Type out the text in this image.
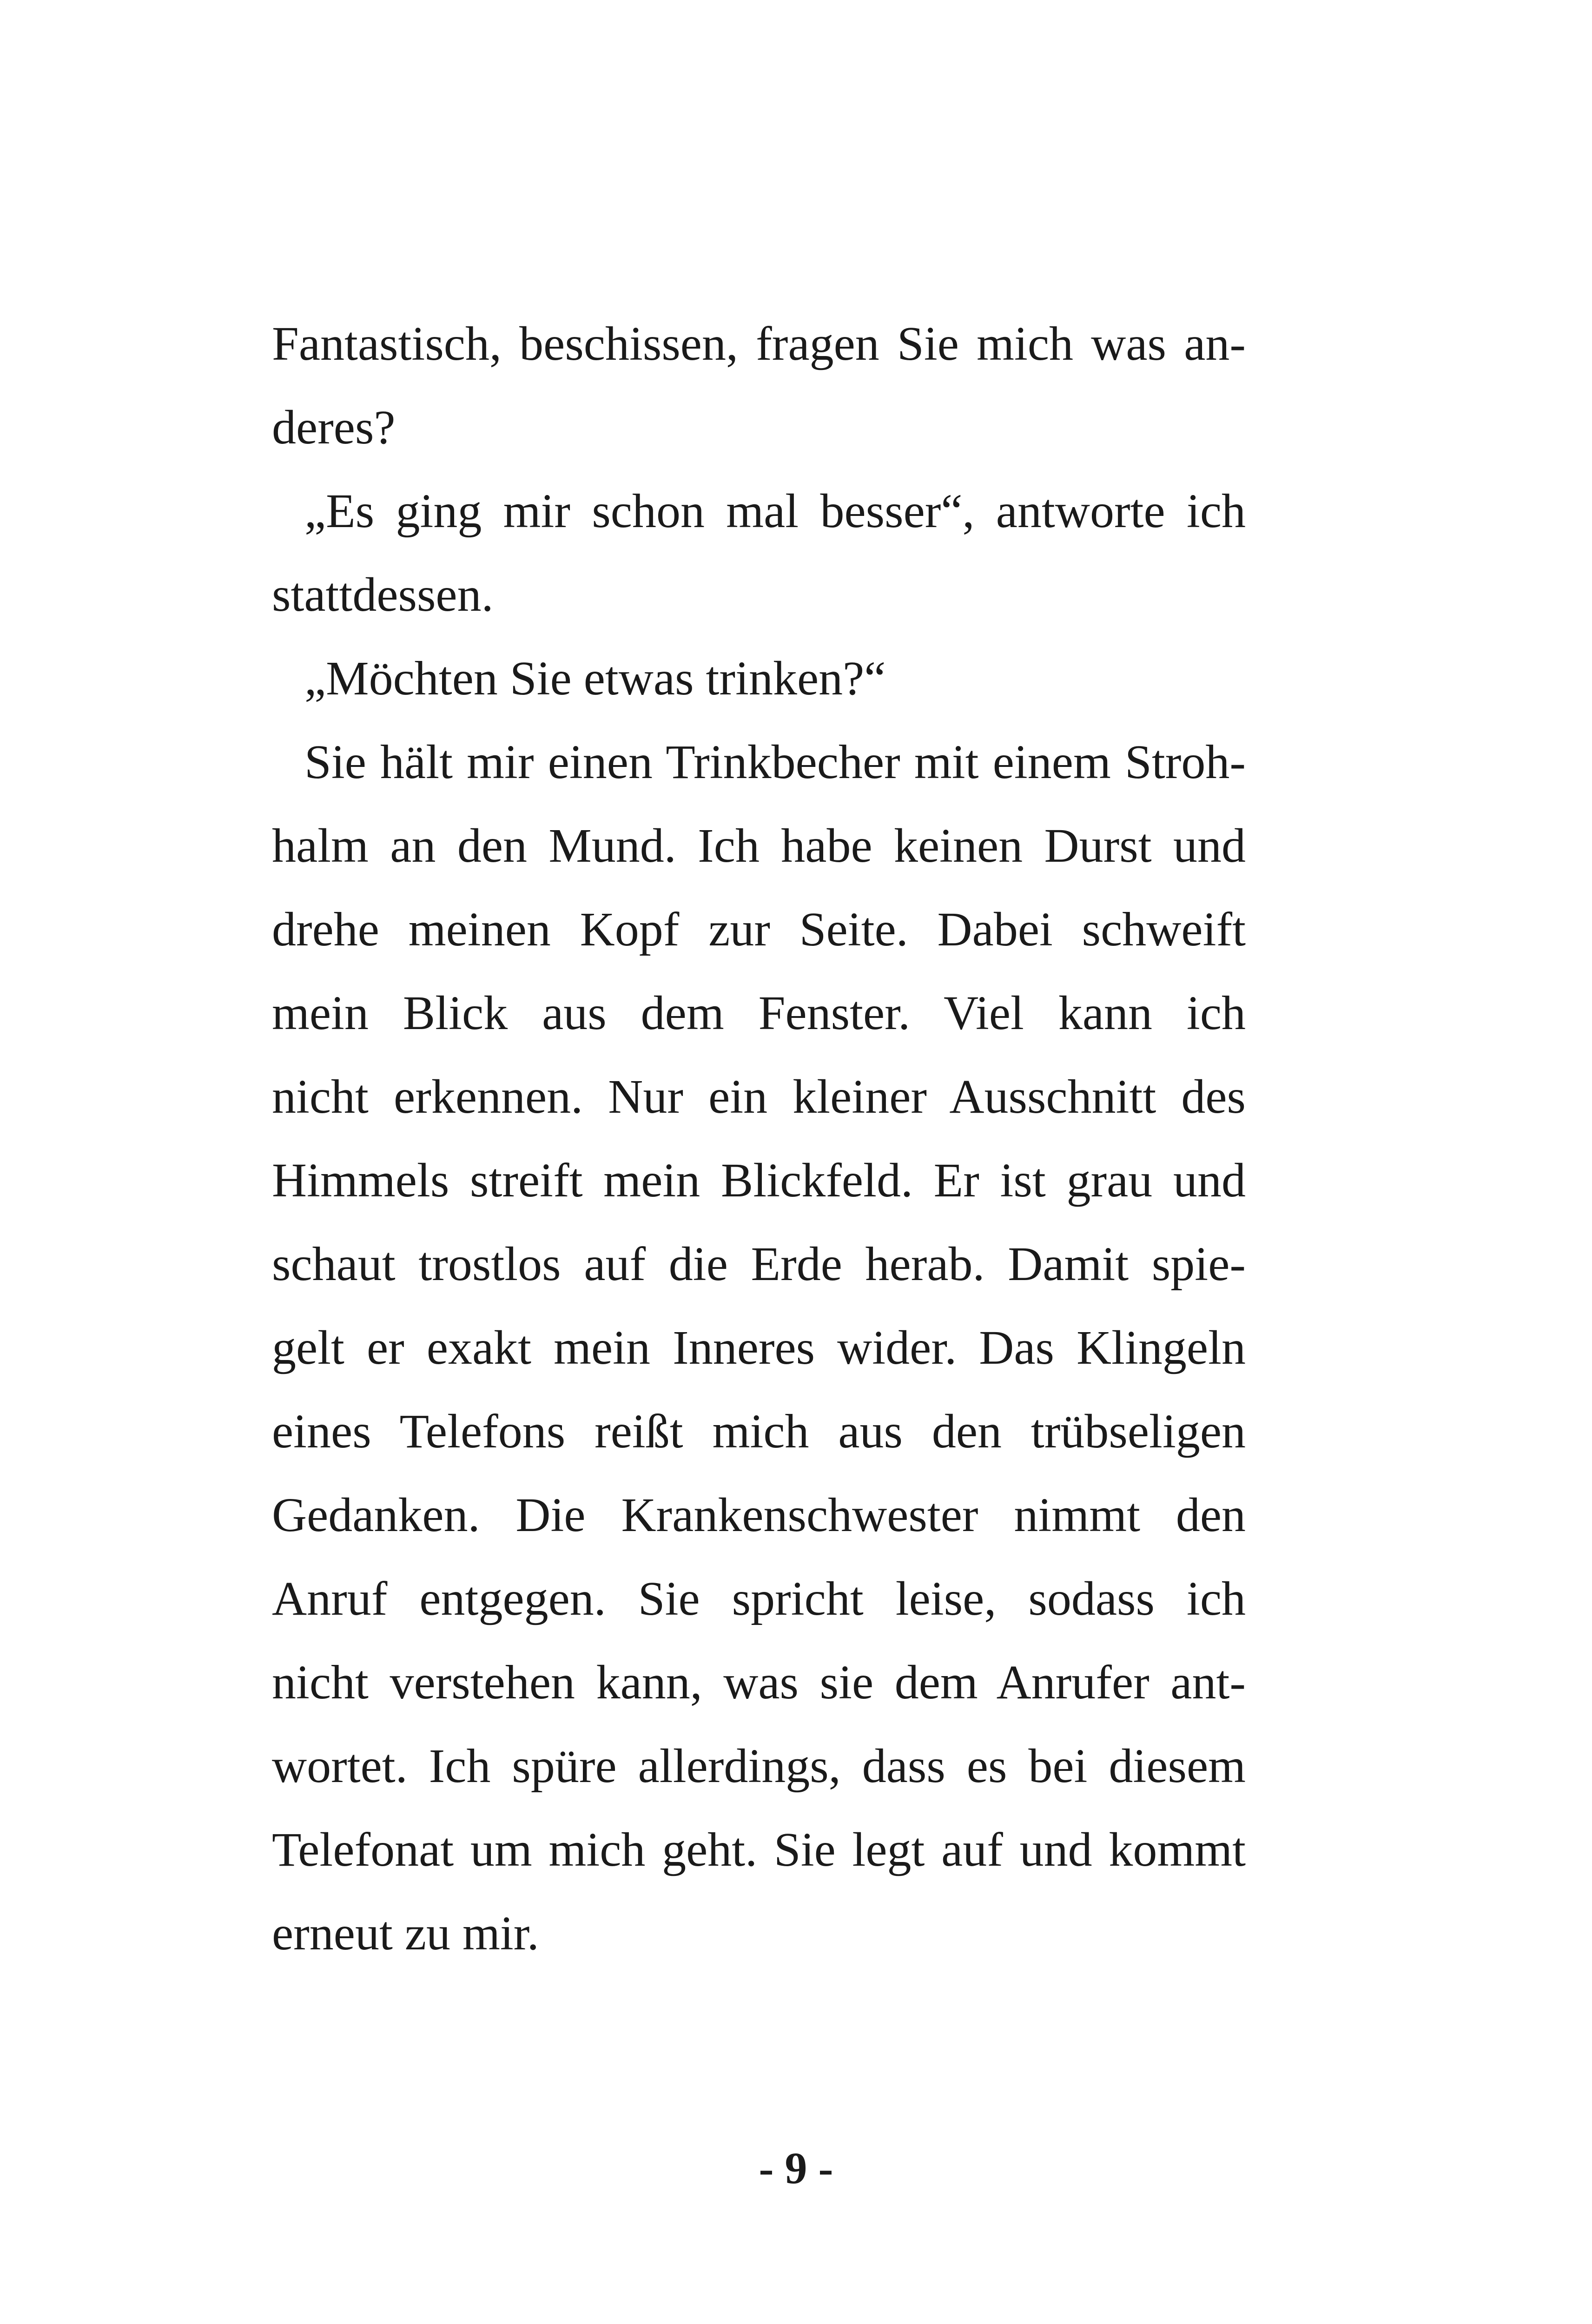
Fantastisch, beschissen, fragen Sie mich was an-
deres?
„Es ging mir schon mal besser“, antworte ich
stattdessen.
„Möchten Sie etwas trinken?“
Sie hält mir einen Trinkbecher mit einem Stroh-
halm an den Mund. Ich habe keinen Durst und
drehe meinen Kopf zur Seite. Dabei schweift
mein Blick aus dem Fenster. Viel kann ich
nicht erkennen. Nur ein kleiner Ausschnitt des
Himmels streift mein Blickfeld. Er ist grau und
schaut trostlos auf die Erde herab. Damit spie-
gelt er exakt mein Inneres wider. Das Klingeln
eines Telefons reißt mich aus den trübseligen
Gedanken. Die Krankenschwester nimmt den
Anruf entgegen. Sie spricht leise, sodass ich
nicht verstehen kann, was sie dem Anrufer ant-
wortet. Ich spüre allerdings, dass es bei diesem
Telefonat um mich geht. Sie legt auf und kommt
erneut zu mir.
- 9 -
